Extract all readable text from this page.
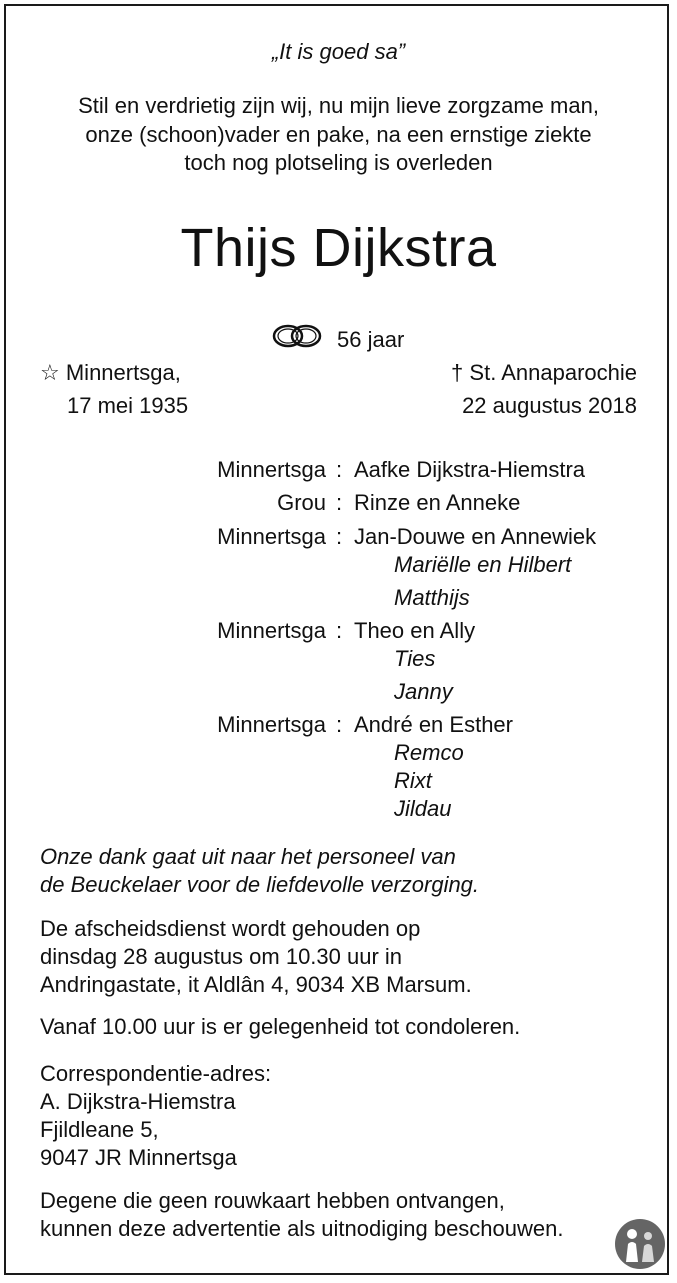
„It is goed sa”
Stil en verdrietig zijn wij, nu mijn lieve zorgzame man,
onze (schoon)vader en pake, na een ernstige ziekte
toch nog plotseling is overleden
Thijs Dijkstra
56 jaar
☆ Minnertsga,
17 mei 1935
† St. Annaparochie
22 augustus 2018
Minnertsga : Aafke Dijkstra-Hiemstra
Grou : Rinze en Anneke
Minnertsga : Jan-Douwe en Annewiek
Mariëlle en Hilbert
Matthijs
Minnertsga : Theo en Ally
Ties
Janny
Minnertsga : André en Esther
Remco
Rixt
Jildau
Onze dank gaat uit naar het personeel van
de Beuckelaer voor de liefdevolle verzorging.
De afscheidsdienst wordt gehouden op
dinsdag 28 augustus om 10.30 uur in
Andringastate, it Aldlân 4, 9034 XB Marsum.
Vanaf 10.00 uur is er gelegenheid tot condoleren.
Correspondentie-adres:
A. Dijkstra-Hiemstra
Fjildleane 5,
9047 JR Minnertsga
Degene die geen rouwkaart hebben ontvangen,
kunnen deze advertentie als uitnodiging beschouwen.
